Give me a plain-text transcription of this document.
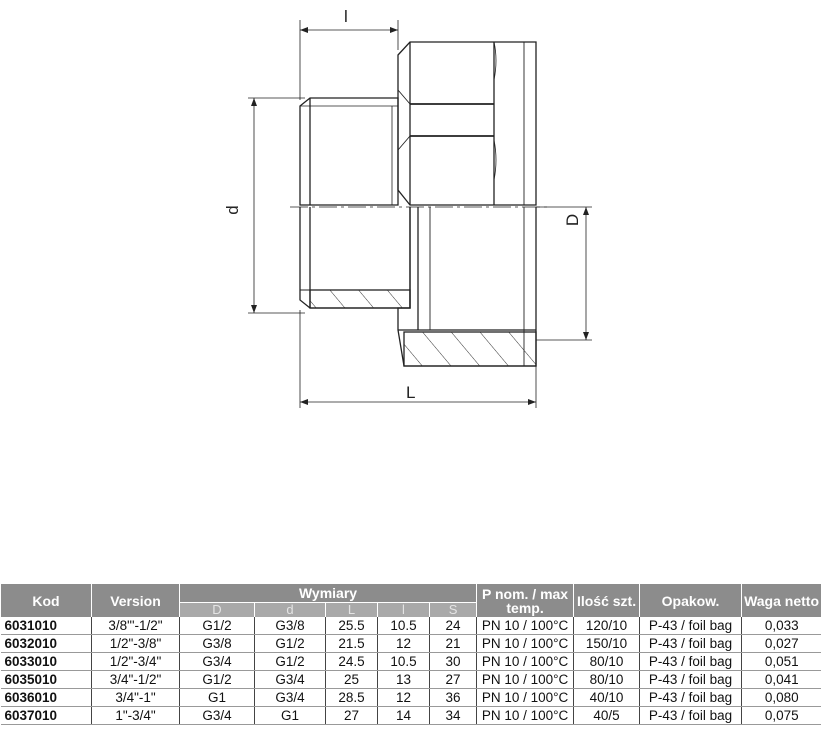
l
d
D
L
Kod	Version	Wymiary					P nom. / max temp.	Ilość szt.	Opakow.	Waga netto
		D	d	L	l	S				
6031010	3/8"'-1/2"	G1/2	G3/8	25.5	10.5	24	PN 10 / 100°C	120/10	P-43 / foil bag	0,033
6032010	1/2"-3/8"	G3/8	G1/2	21.5	12	21	PN 10 / 100°C	150/10	P-43 / foil bag	0,027
6033010	1/2"-3/4"	G3/4	G1/2	24.5	10.5	30	PN 10 / 100°C	80/10	P-43 / foil bag	0,051
6035010	3/4"-1/2"	G1/2	G3/4	25	13	27	PN 10 / 100°C	80/10	P-43 / foil bag	0,041
6036010	3/4"-1"	G1	G3/4	28.5	12	36	PN 10 / 100°C	40/10	P-43 / foil bag	0,080
6037010	1"-3/4"	G3/4	G1	27	14	34	PN 10 / 100°C	40/5	P-43 / foil bag	0,075
